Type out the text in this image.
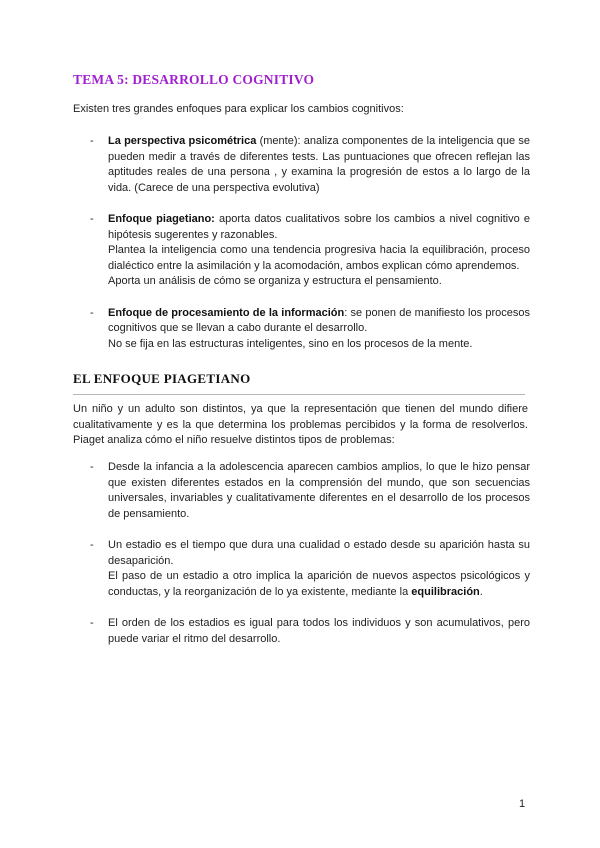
TEMA 5: DESARROLLO COGNITIVO

Existen tres grandes enfoques para explicar los cambios cognitivos:

- La perspectiva psicométrica (mente): analiza componentes de la inteligencia que se pueden medir a través de diferentes tests. Las puntuaciones que ofrecen reflejan las aptitudes reales de una persona , y examina la progresión de estos a lo largo de la vida. (Carece de una perspectiva evolutiva)

- Enfoque piagetiano: aporta datos cualitativos sobre los cambios a nivel cognitivo e hipótesis sugerentes y razonables.

Plantea la inteligencia como una tendencia progresiva hacia la equilibración, proceso dialéctico entre la asimilación y la acomodación, ambos explican cómo aprendemos.

Aporta un análisis de cómo se organiza y estructura el pensamiento.

- Enfoque de procesamiento de la información: se ponen de manifiesto los procesos cognitivos que se llevan a cabo durante el desarrollo.

No se fija en las estructuras inteligentes, sino en los procesos de la mente.

EL ENFOQUE PIAGETIANO

Un niño y un adulto son distintos, ya que la representación que tienen del mundo difiere cualitativamente y es la que determina los problemas percibidos y la forma de resolverlos. Piaget analiza cómo el niño resuelve distintos tipos de problemas:

- Desde la infancia a la adolescencia aparecen cambios amplios, lo que le hizo pensar que existen diferentes estados en la comprensión del mundo, que son secuencias universales, invariables y cualitativamente diferentes en el desarrollo de los procesos de pensamiento.

- Un estadio es el tiempo que dura una cualidad o estado desde su aparición hasta su desaparición.

El paso de un estadio a otro implica la aparición de nuevos aspectos psicológicos y conductas, y la reorganización de lo ya existente, mediante la equilibración.

- El orden de los estadios es igual para todos los individuos y son acumulativos, pero puede variar el ritmo del desarrollo.

1
